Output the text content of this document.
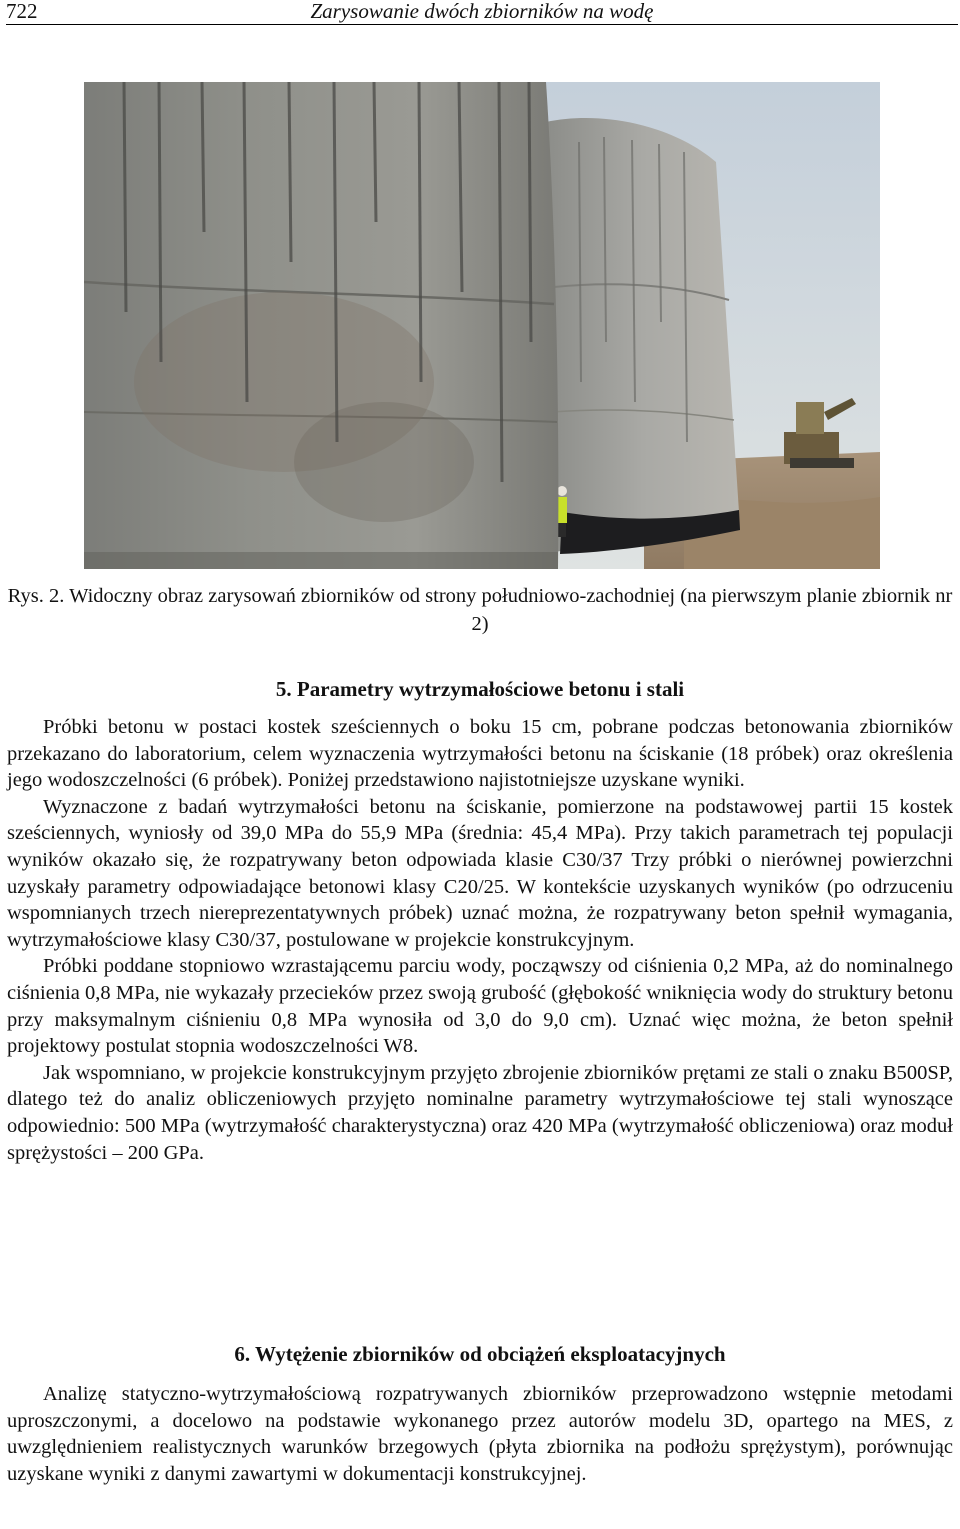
722	Zarysowanie dwóch zbiorników na wodę
Rys. 2. Widoczny obraz zarysowań zbiorników od strony południowo-zachodniej (na pierwszym planie zbiornik nr 2)
5. Parametry wytrzymałościowe betonu i stali

Próbki betonu w postaci kostek sześciennych o boku 15 cm, pobrane podczas betonowania zbiorników przekazano do laboratorium, celem wyznaczenia wytrzymałości betonu na ściskanie (18 próbek) oraz określenia jego wodoszczelności (6 próbek). Poniżej przedstawiono najistotniejsze uzyskane wyniki.

Wyznaczone z badań wytrzymałości betonu na ściskanie, pomierzone na podstawowej partii 15 kostek sześciennych, wyniosły od 39,0 MPa do 55,9 MPa (średnia: 45,4 MPa). Przy takich parametrach tej populacji wyników okazało się, że rozpatrywany beton odpowiada klasie C30/37 Trzy próbki o nierównej powierzchni uzyskały parametry odpowiadające betonowi klasy C20/25. W kontekście uzyskanych wyników (po odrzuceniu wspomnianych trzech niereprezentatywnych próbek) uznać można, że rozpatrywany beton spełnił wymagania, wytrzymałościowe klasy C30/37, postulowane w projekcie konstrukcyjnym.

Próbki poddane stopniowo wzrastającemu parciu wody, począwszy od ciśnienia 0,2 MPa, aż do nominalnego ciśnienia 0,8 MPa, nie wykazały przecieków przez swoją grubość (głębokość wniknięcia wody do struktury betonu przy maksymalnym ciśnieniu 0,8 MPa wynosiła od 3,0 do 9,0 cm). Uznać więc można, że beton spełnił projektowy postulat stopnia wodoszczelności W8.

Jak wspomniano, w projekcie konstrukcyjnym przyjęto zbrojenie zbiorników prętami ze stali o znaku B500SP, dlatego też do analiz obliczeniowych przyjęto nominalne parametry wytrzymałościowe tej stali wynoszące odpowiednio: 500 MPa (wytrzymałość charakterystyczna) oraz 420 MPa (wytrzymałość obliczeniowa) oraz moduł sprężystości – 200 GPa.

6. Wytężenie zbiorników od obciążeń eksploatacyjnych

Analizę statyczno-wytrzymałościową rozpatrywanych zbiorników przeprowadzono wstępnie metodami uproszczonymi, a docelowo na podstawie wykonanego przez autorów modelu 3D, opartego na MES, z uwzględnieniem realistycznych warunków brzegowych (płyta zbiornika na podłożu sprężystym), porównując uzyskane wyniki z danymi zawartymi w dokumentacji konstrukcyjnej.
